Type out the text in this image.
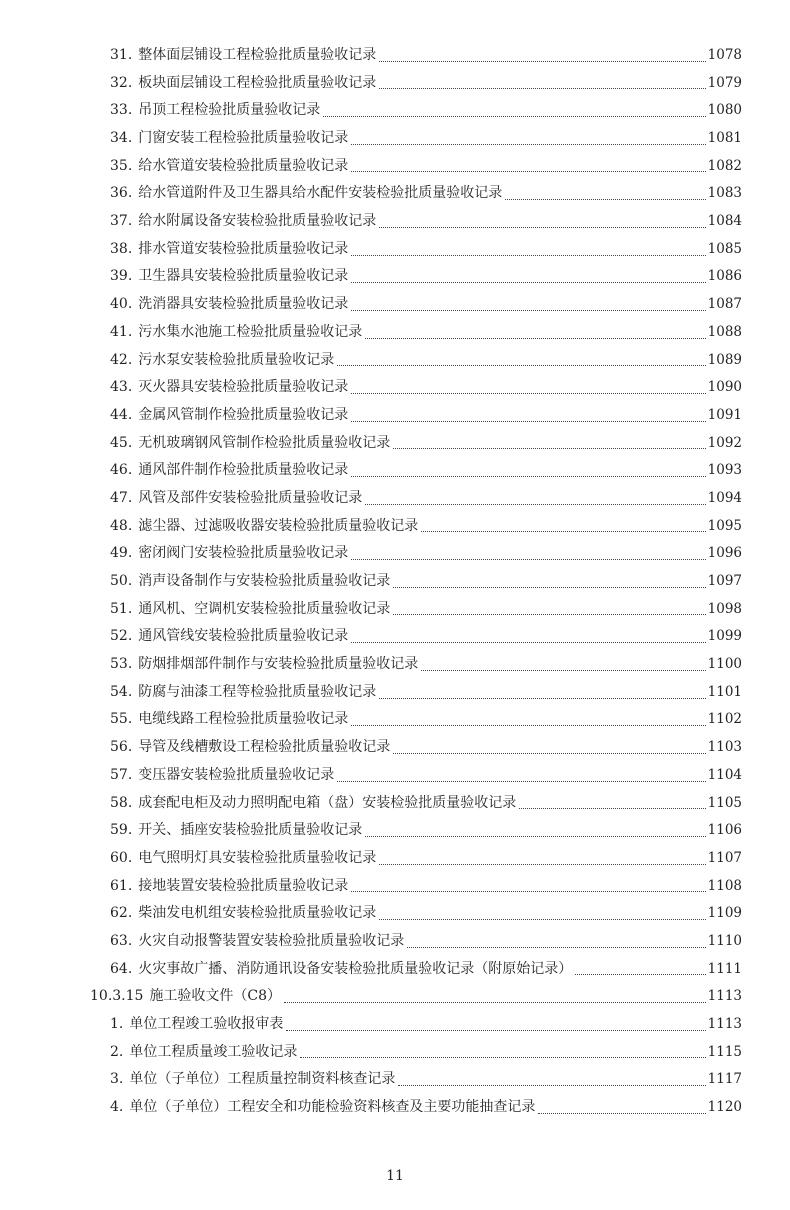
31. 整体面层铺设工程检验批质量验收记录	1078
32. 板块面层铺设工程检验批质量验收记录	1079
33. 吊顶工程检验批质量验收记录	1080
34. 门窗安装工程检验批质量验收记录	1081
35. 给水管道安装检验批质量验收记录	1082
36. 给水管道附件及卫生器具给水配件安装检验批质量验收记录	1083
37. 给水附属设备安装检验批质量验收记录	1084
38. 排水管道安装检验批质量验收记录	1085
39. 卫生器具安装检验批质量验收记录	1086
40. 洗消器具安装检验批质量验收记录	1087
41. 污水集水池施工检验批质量验收记录	1088
42. 污水泵安装检验批质量验收记录	1089
43. 灭火器具安装检验批质量验收记录	1090
44. 金属风管制作检验批质量验收记录	1091
45. 无机玻璃钢风管制作检验批质量验收记录	1092
46. 通风部件制作检验批质量验收记录	1093
47. 风管及部件安装检验批质量验收记录	1094
48. 滤尘器、过滤吸收器安装检验批质量验收记录	1095
49. 密闭阀门安装检验批质量验收记录	1096
50. 消声设备制作与安装检验批质量验收记录	1097
51. 通风机、空调机安装检验批质量验收记录	1098
52. 通风管线安装检验批质量验收记录	1099
53. 防烟排烟部件制作与安装检验批质量验收记录	1100
54. 防腐与油漆工程等检验批质量验收记录	1101
55. 电缆线路工程检验批质量验收记录	1102
56. 导管及线槽敷设工程检验批质量验收记录	1103
57. 变压器安装检验批质量验收记录	1104
58. 成套配电柜及动力照明配电箱（盘）安装检验批质量验收记录	1105
59. 开关、插座安装检验批质量验收记录	1106
60. 电气照明灯具安装检验批质量验收记录	1107
61. 接地装置安装检验批质量验收记录	1108
62. 柴油发电机组安装检验批质量验收记录	1109
63. 火灾自动报警装置安装检验批质量验收记录	1110
64. 火灾事故广播、消防通讯设备安装检验批质量验收记录（附原始记录）	1111
10.3.15 施工验收文件（C8）	1113
1. 单位工程竣工验收报审表	1113
2. 单位工程质量竣工验收记录	1115
3. 单位（子单位）工程质量控制资料核查记录	1117
4. 单位（子单位）工程安全和功能检验资料核查及主要功能抽查记录	1120
11
